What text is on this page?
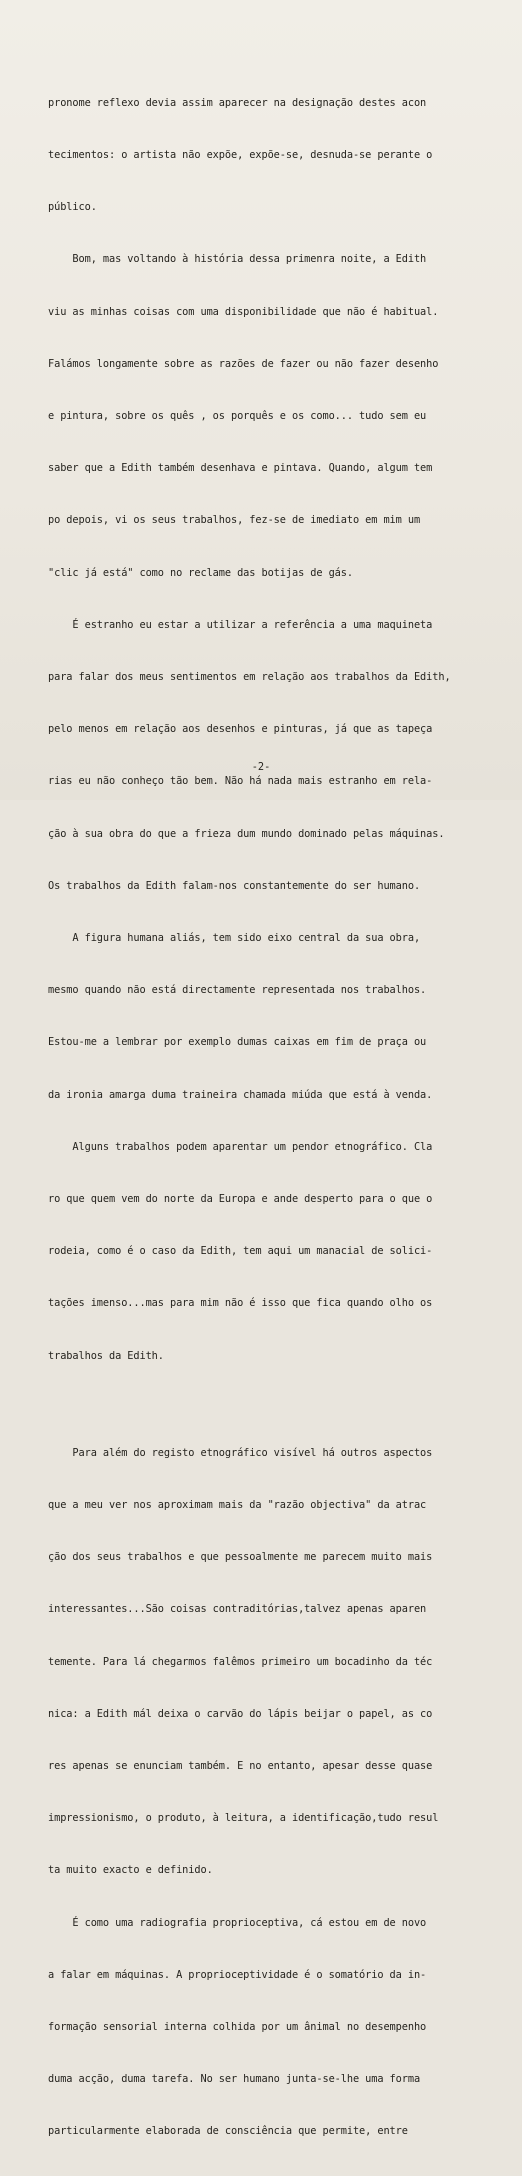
pronome reflexo devia assim aparecer na designação destes acon

tecimentos: o artista não expõe, expõe-se, desnuda-se perante o

público.

Bom, mas voltando à história dessa primenra noite, a Edith

viu as minhas coisas com uma disponibilidade que não é habitual.

Falámos longamente sobre as razões de fazer ou não fazer desenho

e pintura, sobre os quês , os porquês e os como... tudo sem eu

saber que a Edith também desenhava e pintava. Quando, algum tem

po depois, vi os seus trabalhos, fez-se de imediato em mim um

"clic já está" como no reclame das botijas de gás.

É estranho eu estar a utilizar a referência a uma maquineta

para falar dos meus sentimentos em relação aos trabalhos da Edith,

pelo menos em relação aos desenhos e pinturas, já que as tapeça

rias eu não conheço tão bem. Não há nada mais estranho em rela-

ção à sua obra do que a frieza dum mundo dominado pelas máquinas.

Os trabalhos da Edith falam-nos constantemente do ser humano.

A figura humana aliás, tem sido eixo central da sua obra,

mesmo quando não está directamente representada nos trabalhos.

Estou-me a lembrar por exemplo dumas caixas em fim de praça ou

da ironia amarga duma traineira chamada miúda que está à venda.

Alguns trabalhos podem aparentar um pendor etnográfico. Cla

ro que quem vem do norte da Europa e ande desperto para o que o

rodeia, como é o caso da Edith, tem aqui um manacial de solici-

tações imenso...mas para mim não é isso que fica quando olho os

trabalhos da Edith.

Para além do registo etnográfico visível há outros aspectos

que a meu ver nos aproximam mais da "razão objectiva" da atrac

ção dos seus trabalhos e que pessoalmente me parecem muito mais

interessantes...São coisas contraditórias,talvez apenas aparen

temente. Para lá chegarmos falêmos primeiro um bocadinho da téc

nica: a Edith mál deixa o carvão do lápis beijar o papel, as co

res apenas se enunciam também. E no entanto, apesar desse quase

impressionismo, o produto, à leitura, a identificação,tudo resul

ta muito exacto e definido.

É como uma radiografia proprioceptiva, cá estou em de novo

a falar em máquinas. A proprioceptividade é o somatório da in-

formação sensorial interna colhida por um ânimal no desempenho

duma acção, duma tarefa. No ser humano junta-se-lhe uma forma

particularmente elaborada de consciência que permite, entre

-2-
